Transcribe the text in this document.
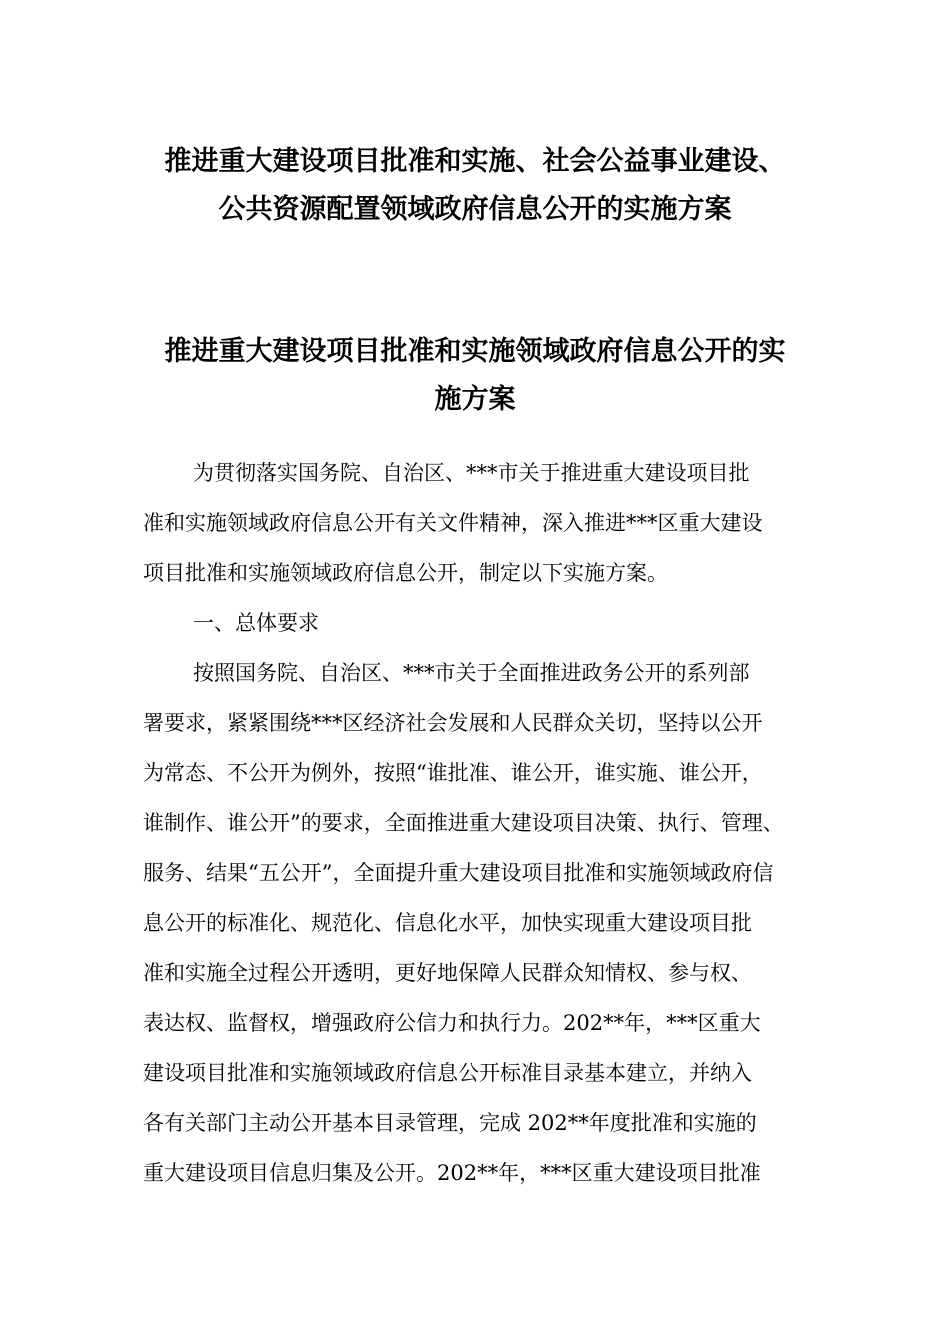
推进重大建设项目批准和实施、社会公益事业建设、
公共资源配置领域政府信息公开的实施方案
推进重大建设项目批准和实施领域政府信息公开的实
施方案
为贯彻落实国务院、自治区、***市关于推进重大建设项目批
准和实施领域政府信息公开有关文件精神，深入推进***区重大建设
项目批准和实施领域政府信息公开，制定以下实施方案。
一、总体要求
按照国务院、自治区、***市关于全面推进政务公开的系列部
署要求，紧紧围绕***区经济社会发展和人民群众关切，坚持以公开
为常态、不公开为例外，按照“谁批准、谁公开，谁实施、谁公开，
谁制作、谁公开”的要求，全面推进重大建设项目决策、执行、管理、
服务、结果“五公开”，全面提升重大建设项目批准和实施领域政府信
息公开的标准化、规范化、信息化水平，加快实现重大建设项目批
准和实施全过程公开透明，更好地保障人民群众知情权、参与权、
表达权、监督权，增强政府公信力和执行力。202**年，***区重大
建设项目批准和实施领域政府信息公开标准目录基本建立，并纳入
各有关部门主动公开基本目录管理，完成 202**年度批准和实施的
重大建设项目信息归集及公开。202**年，***区重大建设项目批准
